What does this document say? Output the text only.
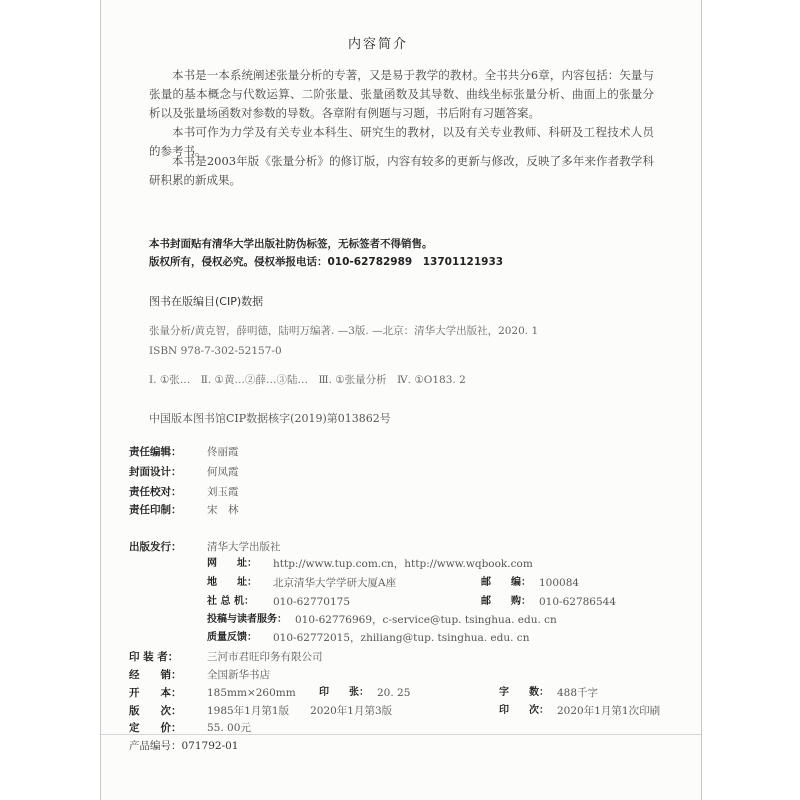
内容简介
本书是一本系统阐述张量分析的专著，又是易于教学的教材。全书共分6章，内容包括：矢量与张量的基本概念与代数运算、二阶张量、张量函数及其导数、曲线坐标张量分析、曲面上的张量分析以及张量场函数对参数的导数。各章附有例题与习题，书后附有习题答案。
本书可作为力学及有关专业本科生、研究生的教材，以及有关专业教师、科研及工程技术人员的参考书。
本书是2003年版《张量分析》的修订版，内容有较多的更新与修改，反映了多年来作者教学科研积累的新成果。
本书封面贴有清华大学出版社防伪标签，无标签者不得销售。
版权所有，侵权必究。侵权举报电话：010-62782989　13701121933
图书在版编目(CIP)数据
张量分析/黄克智，薛明德，陆明万编著. —3版. —北京：清华大学出版社，2020. 1
ISBN 978-7-302-52157-0
Ⅰ. ①张…　Ⅱ. ①黄…②薛…③陆…　Ⅲ. ①张量分析　Ⅳ. ①O183. 2
中国版本图书馆CIP数据核字(2019)第013862号
责任编辑： 佟丽霞
封面设计： 何凤霞
责任校对： 刘玉霞
责任印制： 宋　林
出版发行： 清华大学出版社
网　　址： http://www.tup.com.cn，http://www.wqbook.com
地　　址： 北京清华大学学研大厦A座	邮　　编： 100084
社 总 机： 010-62770175	邮　　购： 010-62786544
投稿与读者服务： 010-62776969，c-service@tup. tsinghua. edu. cn
质量反馈： 010-62772015，zhiliang@tup. tsinghua. edu. cn
印 装 者：	三河市君旺印务有限公司
经　　销： 全国新华书店
开　　本： 185mm×260mm 印　　张： 20. 25	字　　数： 488千字
版　　次： 1985年1月第1版　　2020年1月第3版	印　　次： 2020年1月第1次印刷
定　　价： 55. 00元
产品编号：071792-01
